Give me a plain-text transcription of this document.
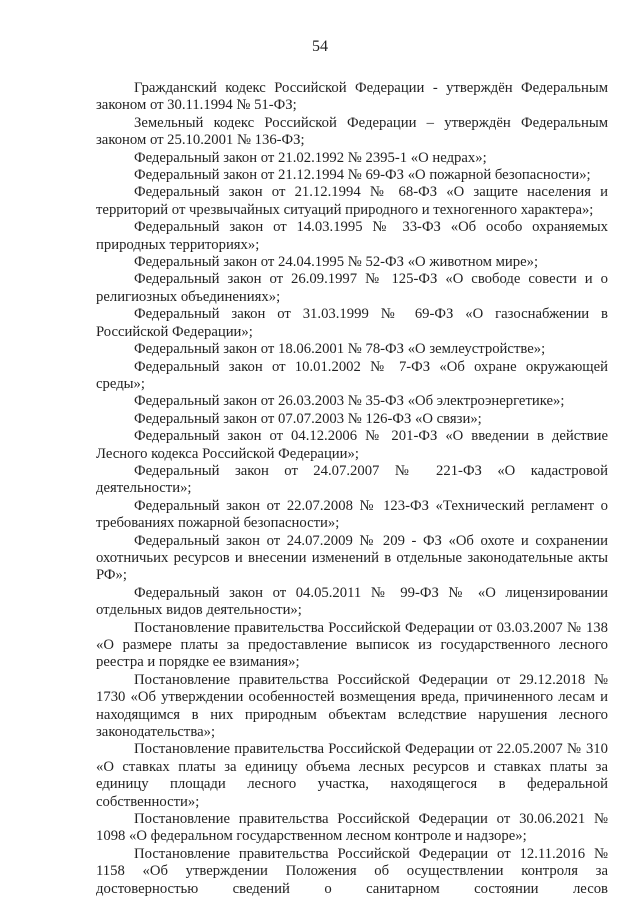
54

Гражданский кодекс Российской Федерации - утверждён Федеральным законом от 30.11.1994 № 51-ФЗ;

Земельный кодекс Российской Федерации – утверждён Федеральным законом от 25.10.2001 № 136-ФЗ;

Федеральный закон от 21.02.1992 № 2395-1 «О недрах»;

Федеральный закон от 21.12.1994 № 69-ФЗ «О пожарной безопасности»;

Федеральный закон от 21.12.1994 № 68-ФЗ «О защите населения и территорий от чрезвычайных ситуаций природного и техногенного характера»;

Федеральный закон от 14.03.1995 № 33-ФЗ «Об особо охраняемых природных территориях»;

Федеральный закон от 24.04.1995 № 52-ФЗ «О животном мире»;

Федеральный закон от 26.09.1997 № 125-ФЗ «О свободе совести и о религиозных объединениях»;

Федеральный закон от 31.03.1999 № 69-ФЗ «О газоснабжении в Российской Федерации»;

Федеральный закон от 18.06.2001 № 78-ФЗ «О землеустройстве»;

Федеральный закон от 10.01.2002 № 7-ФЗ «Об охране окружающей среды»;

Федеральный закон от 26.03.2003 № 35-ФЗ «Об электроэнергетике»;

Федеральный закон от 07.07.2003 № 126-ФЗ «О связи»;

Федеральный закон от 04.12.2006 № 201-ФЗ «О введении в действие Лесного кодекса Российской Федерации»;

Федеральный закон от 24.07.2007 № 221-ФЗ «О кадастровой деятельности»;

Федеральный закон от 22.07.2008 № 123-ФЗ «Технический регламент о требованиях пожарной безопасности»;

Федеральный закон от 24.07.2009 № 209 - ФЗ «Об охоте и сохранении охотничьих ресурсов и внесении изменений в отдельные законодательные акты РФ»;

Федеральный закон от 04.05.2011 № 99-ФЗ № «О лицензировании отдельных видов деятельности»;

Постановление правительства Российской Федерации от 03.03.2007 № 138 «О размере платы за предоставление выписок из государственного лесного реестра и порядке ее взимания»;

Постановление правительства Российской Федерации от 29.12.2018 № 1730 «Об утверждении особенностей возмещения вреда, причиненного лесам и находящимся в них природным объектам вследствие нарушения лесного законодательства»;

Постановление правительства Российской Федерации от 22.05.2007 № 310 «О ставках платы за единицу объема лесных ресурсов и ставках платы за единицу площади лесного участка, находящегося в федеральной собственности»;

Постановление правительства Российской Федерации от 30.06.2021 № 1098 «О федеральном государственном лесном контроле и надзоре»;

Постановление правительства Российской Федерации от 12.11.2016 № 1158 «Об утверждении Положения об осуществлении контроля за достоверностью сведений о санитарном состоянии лесов
